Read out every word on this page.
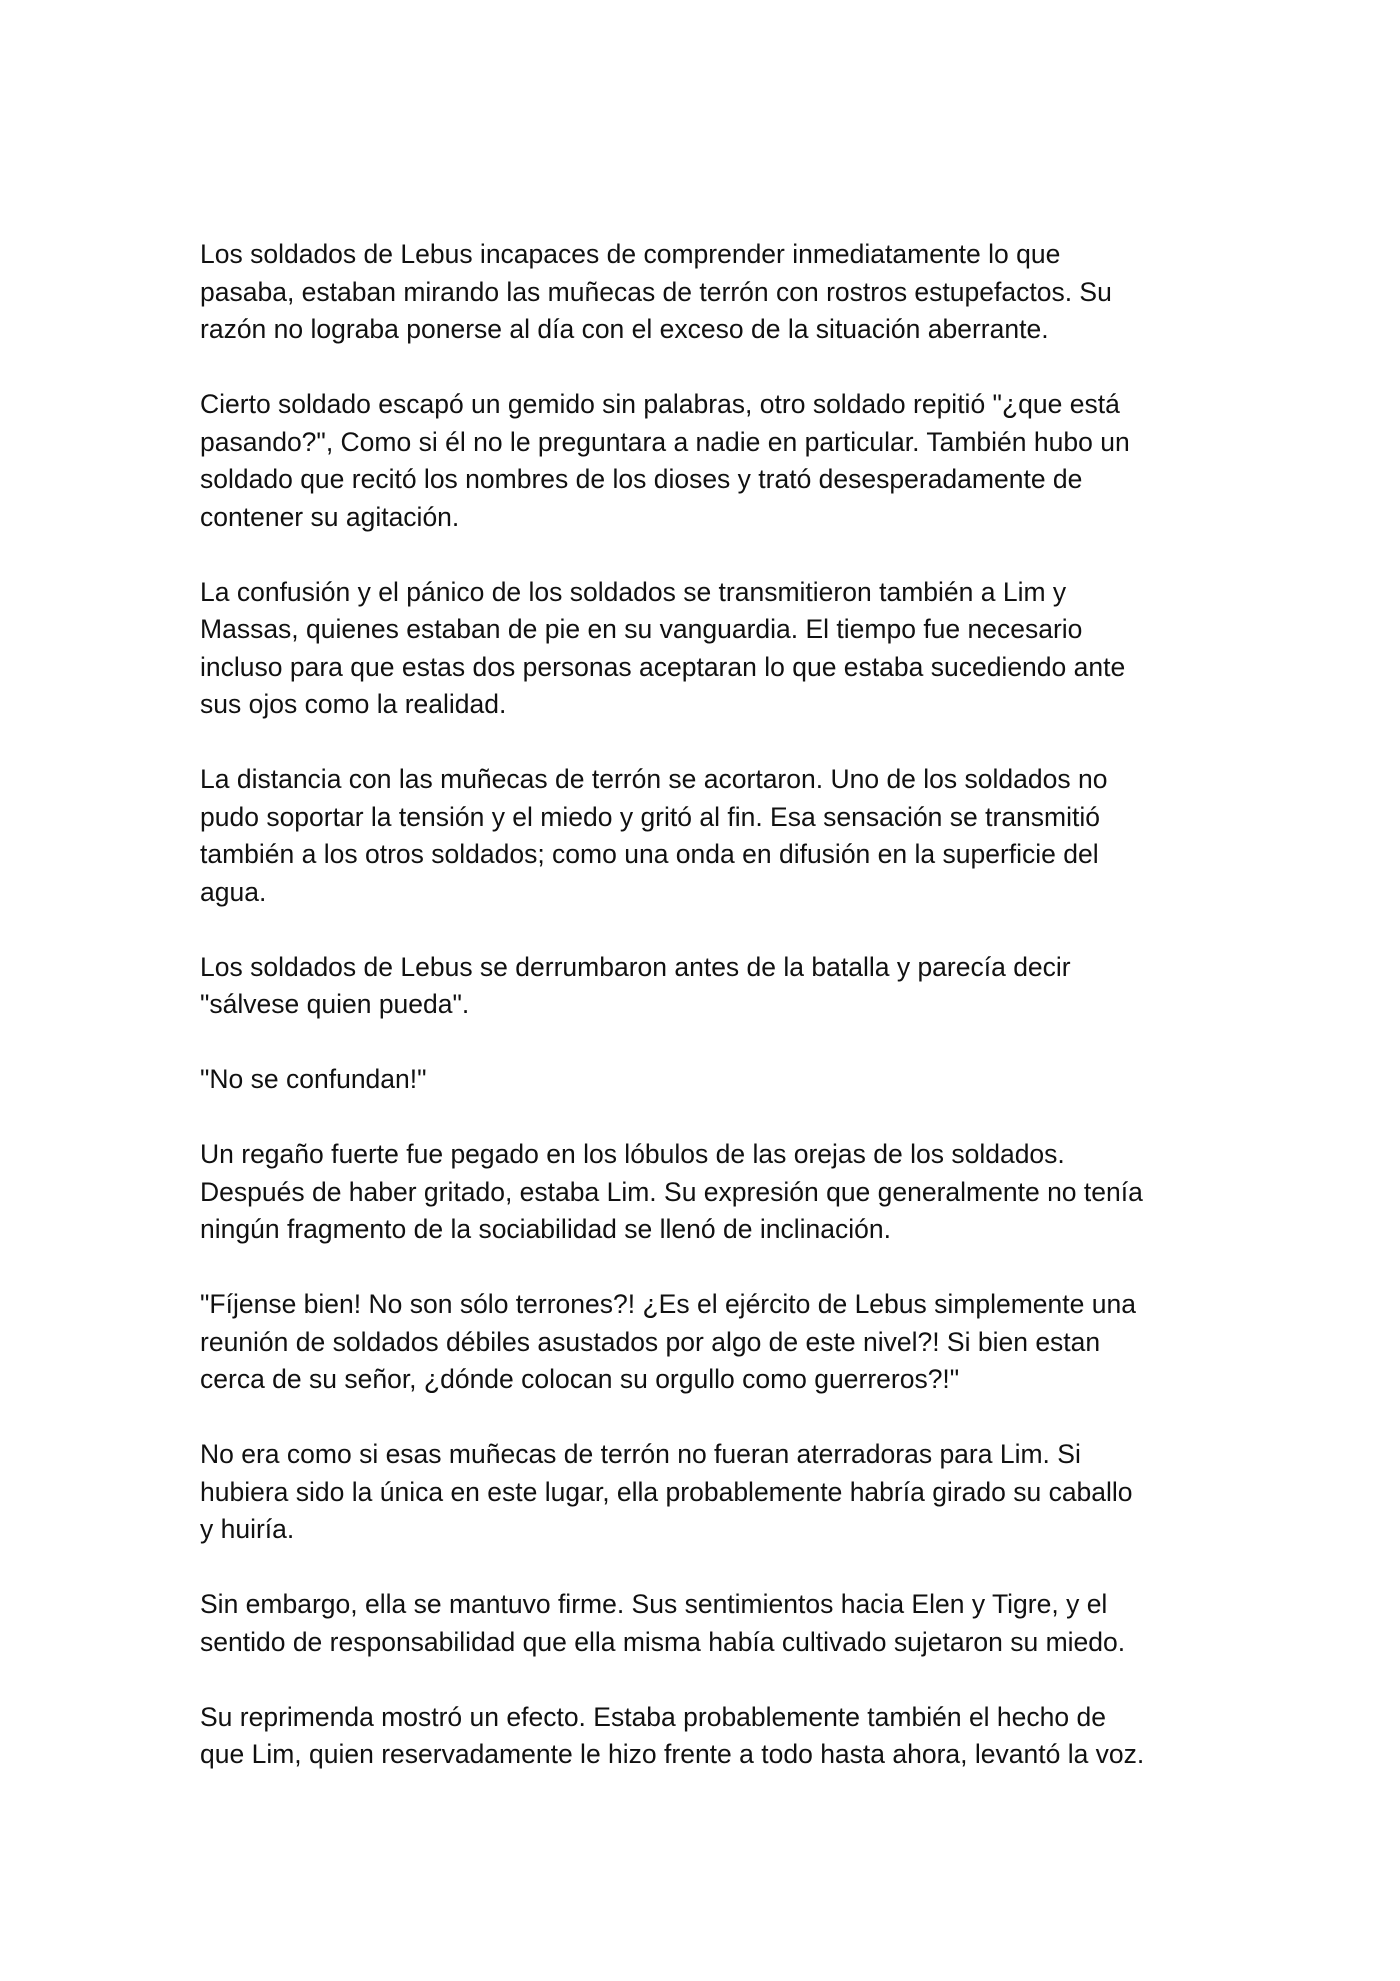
Los soldados de Lebus incapaces de comprender inmediatamente lo que
pasaba, estaban mirando las muñecas de terrón con rostros estupefactos. Su
razón no lograba ponerse al día con el exceso de la situación aberrante.

Cierto soldado escapó un gemido sin palabras, otro soldado repitió "¿que está
pasando?", Como si él no le preguntara a nadie en particular. También hubo un
soldado que recitó los nombres de los dioses y trató desesperadamente de
contener su agitación.

La confusión y el pánico de los soldados se transmitieron también a Lim y
Massas, quienes estaban de pie en su vanguardia. El tiempo fue necesario
incluso para que estas dos personas aceptaran lo que estaba sucediendo ante
sus ojos como la realidad.

La distancia con las muñecas de terrón se acortaron. Uno de los soldados no
pudo soportar la tensión y el miedo y gritó al fin. Esa sensación se transmitió
también a los otros soldados; como una onda en difusión en la superficie del
agua.

Los soldados de Lebus se derrumbaron antes de la batalla y parecía decir
"sálvese quien pueda".

"No se confundan!"

Un regaño fuerte fue pegado en los lóbulos de las orejas de los soldados.
Después de haber gritado, estaba Lim. Su expresión que generalmente no tenía
ningún fragmento de la sociabilidad se llenó de inclinación.

"Fíjense bien! No son sólo terrones?! ¿Es el ejército de Lebus simplemente una
reunión de soldados débiles asustados por algo de este nivel?! Si bien estan
cerca de su señor, ¿dónde colocan su orgullo como guerreros?!"

No era como si esas muñecas de terrón no fueran aterradoras para Lim. Si
hubiera sido la única en este lugar, ella probablemente habría girado su caballo
y huiría.

Sin embargo, ella se mantuvo firme. Sus sentimientos hacia Elen y Tigre, y el
sentido de responsabilidad que ella misma había cultivado sujetaron su miedo.

Su reprimenda mostró un efecto. Estaba probablemente también el hecho de
que Lim, quien reservadamente le hizo frente a todo hasta ahora, levantó la voz.
